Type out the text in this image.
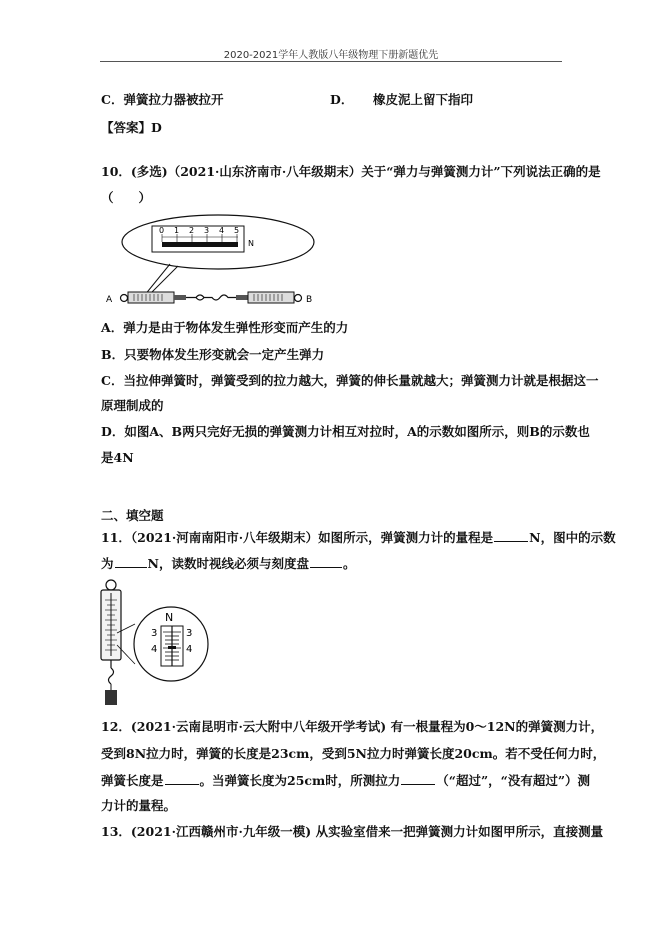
2020-2021学年人教版八年级物理下册新题优先
C．弹簧拉力器被拉开	D． 橡皮泥上留下指印
【答案】D
10．(多选)（2021·山东济南市·八年级期末）关于“弹力与弹簧测力计”下列说法正确的是
（　　）
0 1 2 3 4 5
N
A	B
A．弹力是由于物体发生弹性形变而产生的力
B．只要物体发生形变就会一定产生弹力
C．当拉伸弹簧时，弹簧受到的拉力越大，弹簧的伸长量就越大；弹簧测力计就是根据这一
原理制成的
D．如图A、B两只完好无损的弹簧测力计相互对拉时，A的示数如图所示，则B的示数也
是4N
二、填空题
11．（2021·河南南阳市·八年级期末）如图所示，弹簧测力计的量程是	N，图中的示数
为	N，读数时视线必须与刻度盘	。
N
3
4
3
4
12．(2021·云南昆明市·云大附中八年级开学考试) 有一根量程为0～12N的弹簧测力计，
受到8N拉力时，弹簧的长度是23cm，受到5N拉力时弹簧长度20cm。若不受任何力时，
弹簧长度是	。当弹簧长度为25cm时，所测拉力	（“超过”，“没有超过”）测
力计的量程。
13．(2021·江西赣州市·九年级一模) 从实验室借来一把弹簧测力计如图甲所示，直接测量
